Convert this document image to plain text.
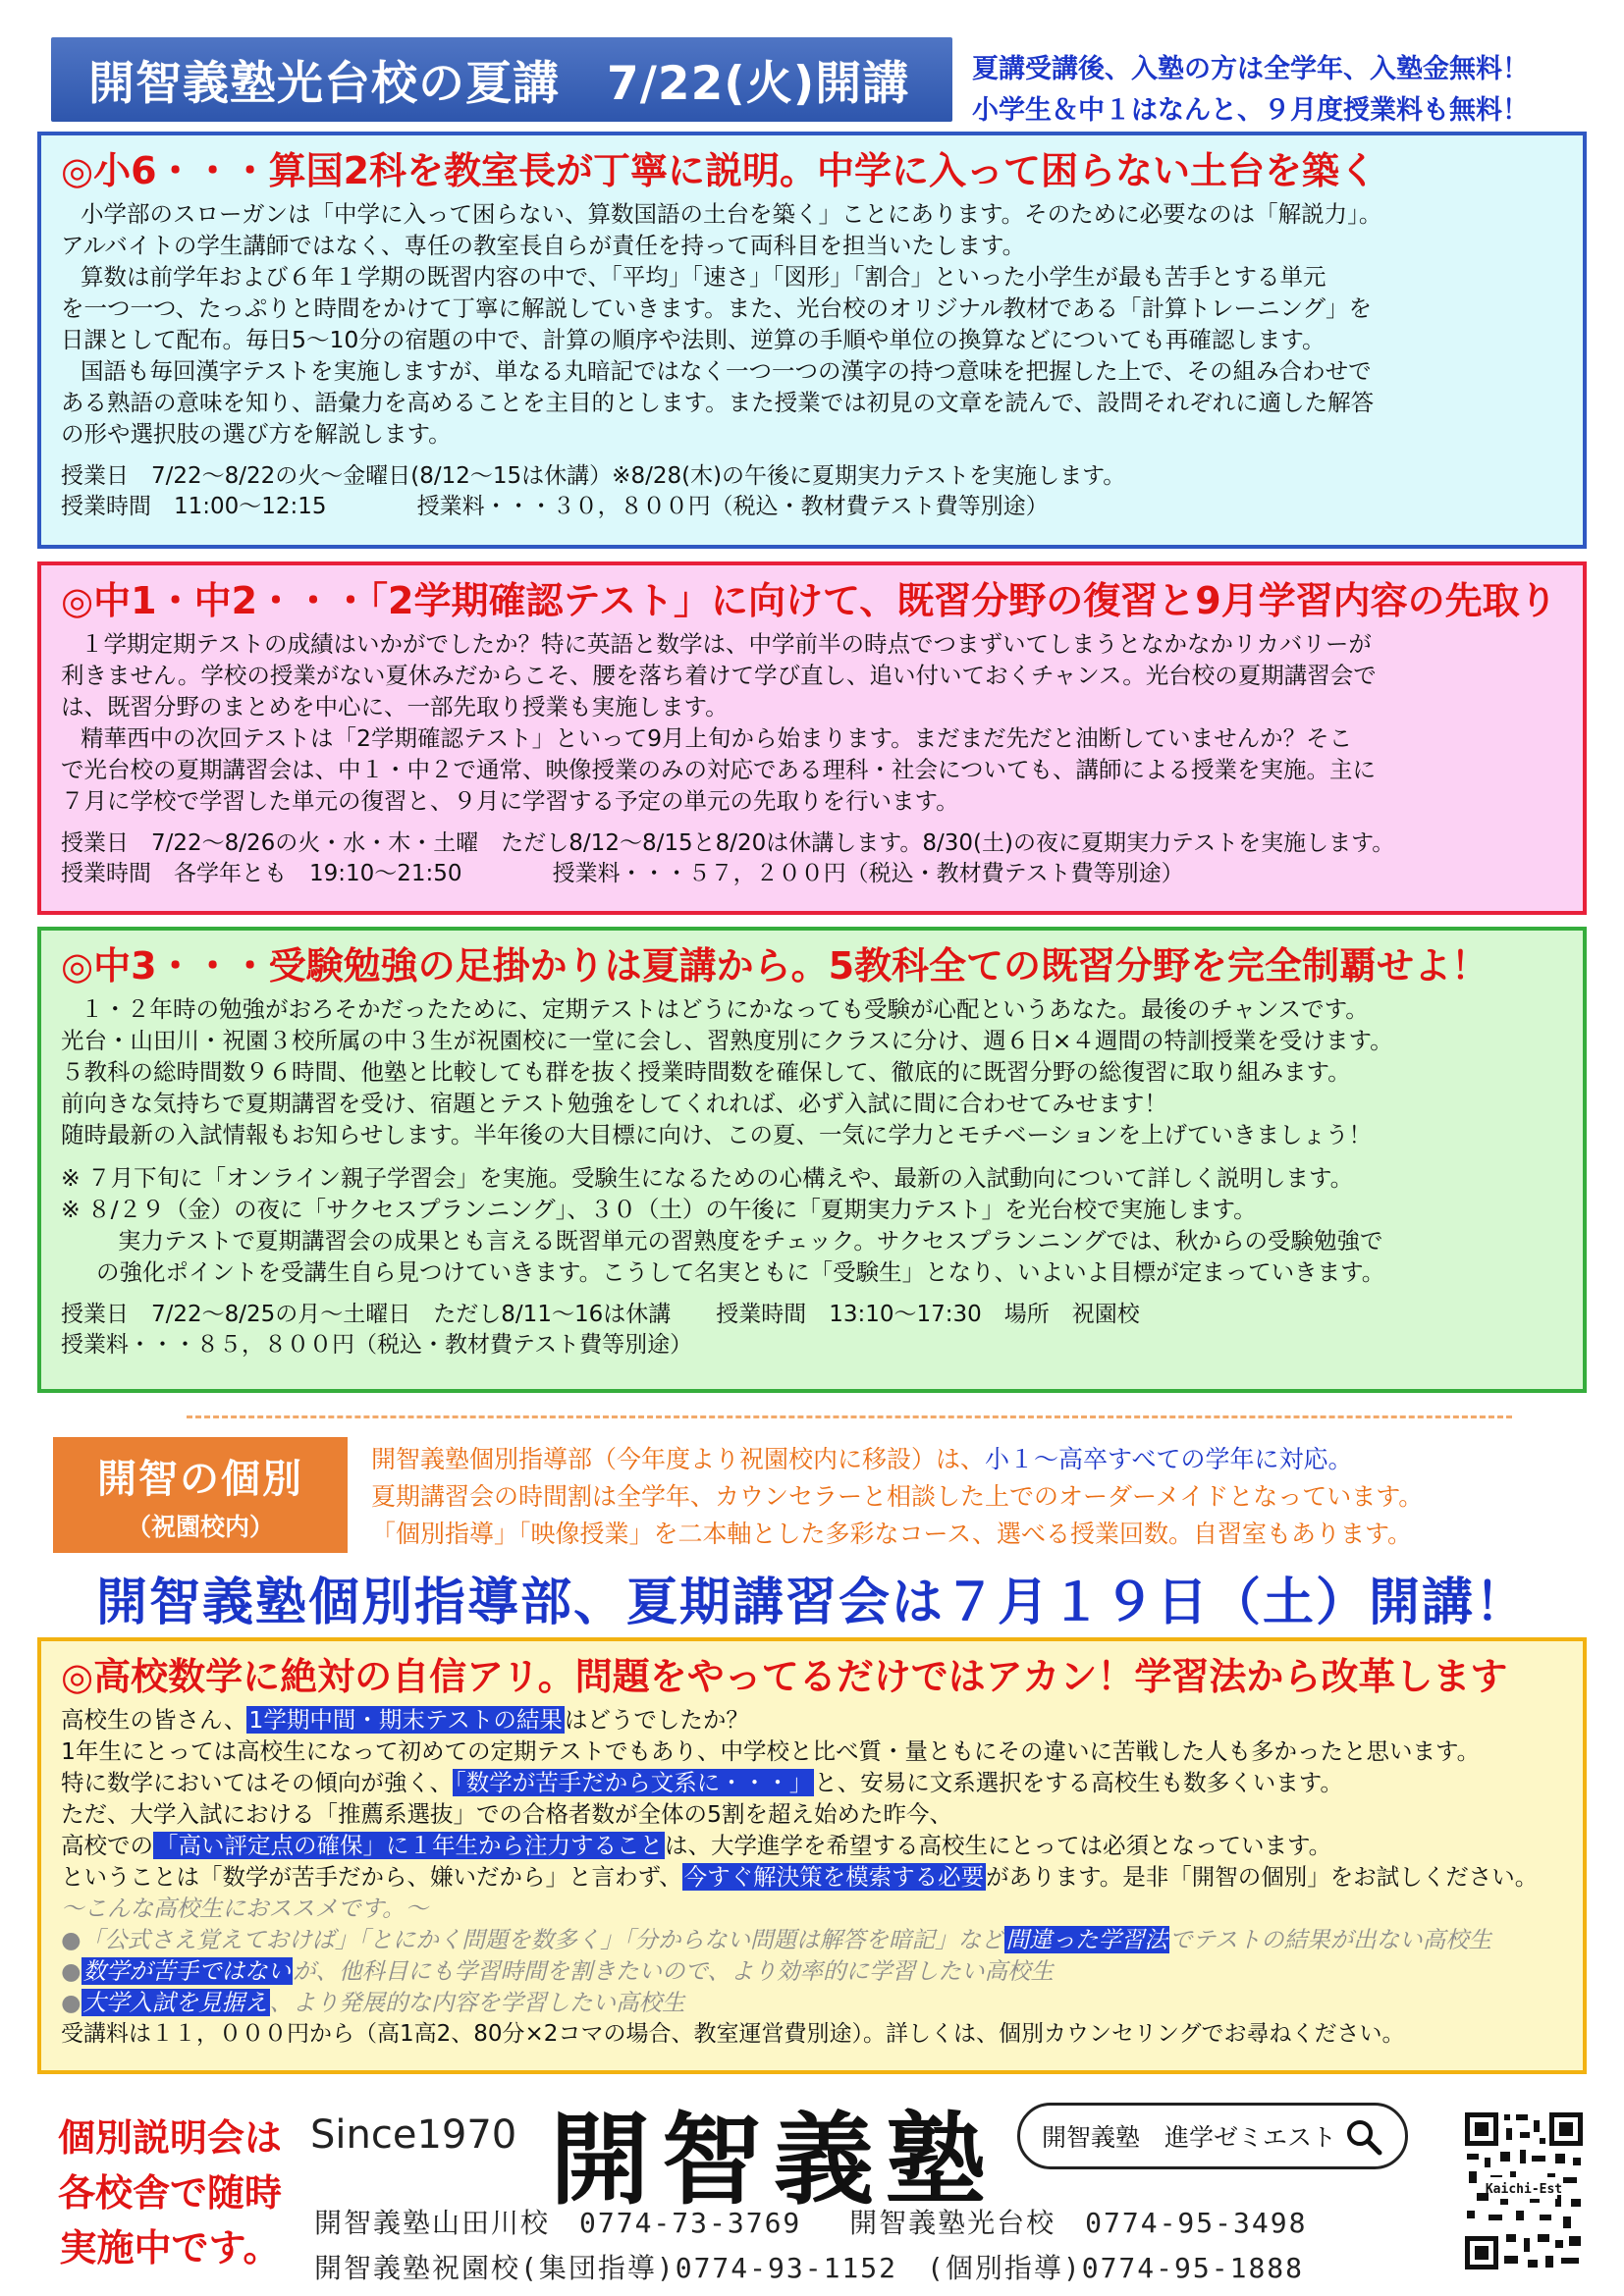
開智義塾光台校の夏講　7/22(火)開講	夏講受講後、入塾の方は全学年、入塾金無料！
小学生＆中１はなんと、９月度授業料も無料！
◎小6・・・算国2科を教室長が丁寧に説明。中学に入って困らない土台を築く
小学部のスローガンは「中学に入って困らない、算数国語の土台を築く」ことにあります。そのために必要なのは「解説力」。
アルバイトの学生講師ではなく、専任の教室長自らが責任を持って両科目を担当いたします。
算数は前学年および６年１学期の既習内容の中で、「平均」「速さ」「図形」「割合」といった小学生が最も苦手とする単元
を一つ一つ、たっぷりと時間をかけて丁寧に解説していきます。また、光台校のオリジナル教材である「計算トレーニング」を
日課として配布。毎日5～10分の宿題の中で、計算の順序や法則、逆算の手順や単位の換算などについても再確認します。
国語も毎回漢字テストを実施しますが、単なる丸暗記ではなく一つ一つの漢字の持つ意味を把握した上で、その組み合わせで
ある熟語の意味を知り、語彙力を高めることを主目的とします。また授業では初見の文章を読んで、設問それぞれに適した解答
の形や選択肢の選び方を解説します。
授業日　7/22～8/22の火～金曜日(8/12～15は休講）※8/28(木)の午後に夏期実力テストを実施します。
授業時間　11:00～12:15　　　　授業料・・・３０，８００円（税込・教材費テスト費等別途）
◎中1・中2・・・「2学期確認テスト」に向けて、既習分野の復習と9月学習内容の先取り
１学期定期テストの成績はいかがでしたか？特に英語と数学は、中学前半の時点でつまずいてしまうとなかなかリカバリーが
利きません。学校の授業がない夏休みだからこそ、腰を落ち着けて学び直し、追い付いておくチャンス。光台校の夏期講習会で
は、既習分野のまとめを中心に、一部先取り授業も実施します。
精華西中の次回テストは「2学期確認テスト」といって9月上旬から始まります。まだまだ先だと油断していませんか？そこ
で光台校の夏期講習会は、中１・中２で通常、映像授業のみの対応である理科・社会についても、講師による授業を実施。主に
７月に学校で学習した単元の復習と、９月に学習する予定の単元の先取りを行います。
授業日　7/22～8/26の火・水・木・土曜　ただし8/12～8/15と8/20は休講します。8/30(土)の夜に夏期実力テストを実施します。
授業時間　各学年とも　19:10～21:50　　　　授業料・・・５７，２００円（税込・教材費テスト費等別途）
◎中3・・・受験勉強の足掛かりは夏講から。5教科全ての既習分野を完全制覇せよ！
１・２年時の勉強がおろそかだったために、定期テストはどうにかなっても受験が心配というあなた。最後のチャンスです。
光台・山田川・祝園３校所属の中３生が祝園校に一堂に会し、習熟度別にクラスに分け、週６日×４週間の特訓授業を受けます。
５教科の総時間数９６時間、他塾と比較しても群を抜く授業時間数を確保して、徹底的に既習分野の総復習に取り組みます。
前向きな気持ちで夏期講習を受け、宿題とテスト勉強をしてくれれば、必ず入試に間に合わせてみせます！
随時最新の入試情報もお知らせします。半年後の大目標に向け、この夏、一気に学力とモチベーションを上げていきましょう！
※ ７月下旬に「オンライン親子学習会」を実施。受験生になるための心構えや、最新の入試動向について詳しく説明します。
※ ８/２９（金）の夜に「サクセスプランニング」、３０（土）の午後に「夏期実力テスト」を光台校で実施します。
実力テストで夏期講習会の成果とも言える既習単元の習熟度をチェック。サクセスプランニングでは、秋からの受験勉強で
の強化ポイントを受講生自ら見つけていきます。こうして名実ともに「受験生」となり、いよいよ目標が定まっていきます。
授業日　7/22～8/25の月～土曜日　ただし8/11～16は休講　　授業時間　13:10～17:30　場所　祝園校
授業料・・・８５，８００円（税込・教材費テスト費等別途）
開智の個別
（祝園校内）
開智義塾個別指導部（今年度より祝園校内に移設）は、小１～高卒すべての学年に対応。
夏期講習会の時間割は全学年、カウンセラーと相談した上でのオーダーメイドとなっています。
「個別指導」「映像授業」を二本軸とした多彩なコース、選べる授業回数。自習室もあります。
開智義塾個別指導部、夏期講習会は７月１９日（土）開講！
◎高校数学に絶対の自信アリ。問題をやってるだけではアカン！学習法から改革します
高校生の皆さん、1学期中間・期末テストの結果はどうでしたか？
1年生にとっては高校生になって初めての定期テストでもあり、中学校と比べ質・量ともにその違いに苦戦した人も多かったと思います。
特に数学においてはその傾向が強く、「数学が苦手だから文系に・・・」と、安易に文系選択をする高校生も数多くいます。
ただ、大学入試における「推薦系選抜」での合格者数が全体の5割を超え始めた昨今、
高校での「高い評定点の確保」に１年生から注力することは、大学進学を希望する高校生にとっては必須となっています。
ということは「数学が苦手だから、嫌いだから」と言わず、今すぐ解決策を模索する必要があります。是非「開智の個別」をお試しください。
～こんな高校生におススメです。～
●「公式さえ覚えておけば」「とにかく問題を数多く」「分からない問題は解答を暗記」など間違った学習法でテストの結果が出ない高校生
●数学が苦手ではないが、他科目にも学習時間を割きたいので、より効率的に学習したい高校生
●大学入試を見据え、より発展的な内容を学習したい高校生
受講料は１１，０００円から（高1高2、80分×2コマの場合、教室運営費別途）。詳しくは、個別カウンセリングでお尋ねください。
個別説明会は
各校舎で随時
実施中です。
Since1970 開智義塾 開智義塾　進学ゼミエスト
開智義塾山田川校　0774-73-3769　 開智義塾光台校　0774-95-3498
開智義塾祝園校(集団指導)0774-93-1152　(個別指導)0774-95-1888
Kaichi-Est
